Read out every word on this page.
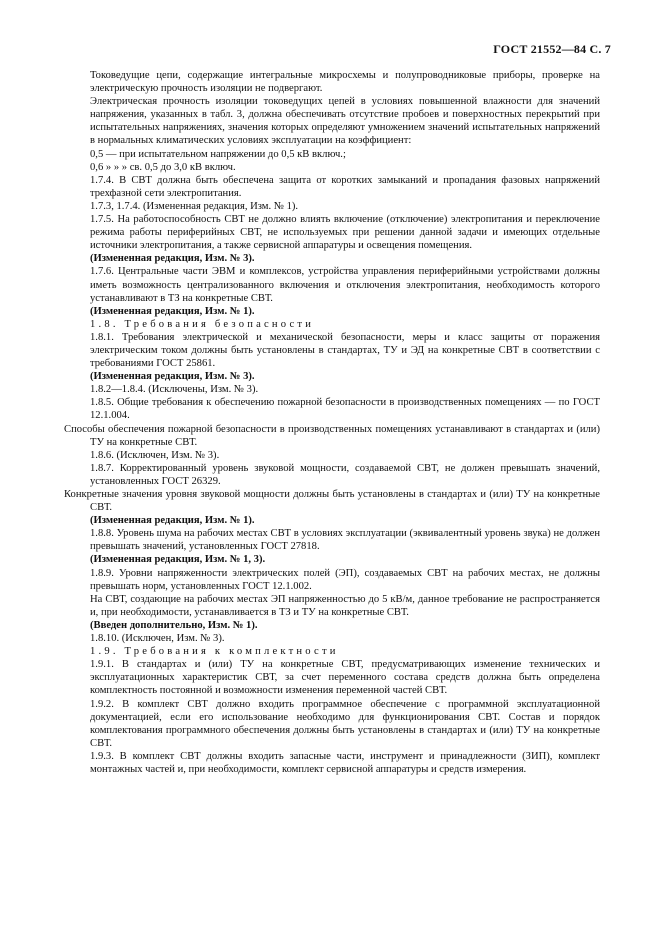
ГОСТ 21552—84 С. 7

Токоведущие цепи, содержащие интегральные микросхемы и полупроводниковые приборы, проверке на электрическую прочность изоляции не подвергают.

Электрическая прочность изоляции токоведущих цепей в условиях повышенной влажности для значений напряжения, указанных в табл. 3, должна обеспечивать отсутствие пробоев и поверхностных перекрытий при испытательных напряжениях, значения которых определяют умножением значений испытательных напряжений в нормальных климатических условиях эксплуатации на коэффициент:

0,5 — при испытательном напряжении до 0,5 кВ включ.;

0,6 » » » св. 0,5 до 3,0 кВ включ.

1.7.4. В СВТ должна быть обеспечена защита от коротких замыканий и пропадания фазовых напряжений трехфазной сети электропитания.

1.7.3, 1.7.4. (Измененная редакция, Изм. № 1).

1.7.5. На работоспособность СВТ не должно влиять включение (отключение) электропитания и переключение режима работы периферийных СВТ, не используемых при решении данной задачи и имеющих отдельные источники электропитания, а также сервисной аппаратуры и освещения помещения.

(Измененная редакция, Изм. № 3).

1.7.6. Центральные части ЭВМ и комплексов, устройства управления периферийными устройствами должны иметь возможность централизованного включения и отключения электропитания, необходимость которого устанавливают в ТЗ на конкретные СВТ.

(Измененная редакция, Изм. № 1).

1.8. Требования безопасности

1.8.1. Требования электрической и механической безопасности, меры и класс защиты от поражения электрическим током должны быть установлены в стандартах, ТУ и ЭД на конкретные СВТ в соответствии с требованиями ГОСТ 25861.

(Измененная редакция, Изм. № 3).

1.8.2—1.8.4. (Исключены, Изм. № 3).

1.8.5. Общие требования к обеспечению пожарной безопасности в производственных помещениях — по ГОСТ 12.1.004.

Способы обеспечения пожарной безопасности в производственных помещениях устанавливают в стандартах и (или) ТУ на конкретные СВТ.

1.8.6. (Исключен, Изм. № 3).

1.8.7. Корректированный уровень звуковой мощности, создаваемой СВТ, не должен превышать значений, установленных ГОСТ 26329.

Конкретные значения уровня звуковой мощности должны быть установлены в стандартах и (или) ТУ на конкретные СВТ.

(Измененная редакция, Изм. № 1).

1.8.8. Уровень шума на рабочих местах СВТ в условиях эксплуатации (эквивалентный уровень звука) не должен превышать значений, установленных ГОСТ 27818.

(Измененная редакция, Изм. № 1, 3).

1.8.9. Уровни напряженности электрических полей (ЭП), создаваемых СВТ на рабочих местах, не должны превышать норм, установленных ГОСТ 12.1.002.

На СВТ, создающие на рабочих местах ЭП напряженностью до 5 кВ/м, данное требование не распространяется и, при необходимости, устанавливается в ТЗ и ТУ на конкретные СВТ.

(Введен дополнительно, Изм. № 1).

1.8.10. (Исключен, Изм. № 3).

1.9. Требования к комплектности

1.9.1. В стандартах и (или) ТУ на конкретные СВТ, предусматривающих изменение технических и эксплуатационных характеристик СВТ, за счет переменного состава средств должна быть определена комплектность постоянной и возможности изменения переменной частей СВТ.

1.9.2. В комплект СВТ должно входить программное обеспечение с программной эксплуатационной документацией, если его использование необходимо для функционирования СВТ. Состав и порядок комплектования программного обеспечения должны быть установлены в стандартах и (или) ТУ на конкретные СВТ.

1.9.3. В комплект СВТ должны входить запасные части, инструмент и принадлежности (ЗИП), комплект монтажных частей и, при необходимости, комплект сервисной аппаратуры и средств измерения.
